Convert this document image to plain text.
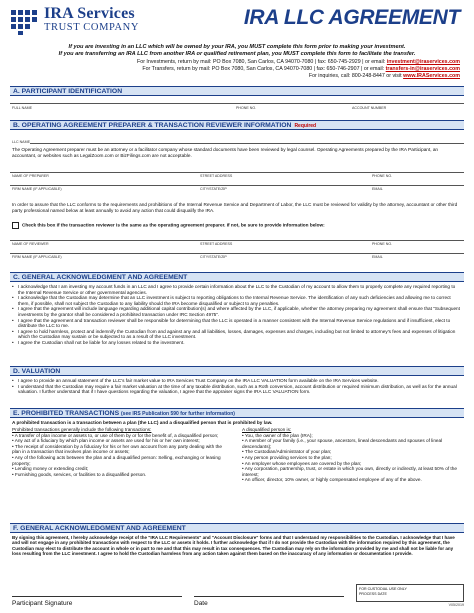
IRA Services
TRUST COMPANY	IRA LLC AGREEMENT
If you are investing in an LLC which will be owned by your IRA, you MUST complete this form prior to making your investment.
If you are transferring an IRA LLC from another IRA or qualified retirement plan, you MUST complete this form to facilitate the transfer.
For Investments, return by mail: PO Box 7080, San Carlos, CA 94070-7080 | fax: 650-745-2929 | or email: investment@iraservices.com
For Transfers, return by mail: PO Box 7080, San Carlos, CA 94070-7080 | fax: 650-746-2907 | or email: transfers-in@iraservices.com
For inquiries, call: 800-248-8447 or visit www.IRAServices.com
A. PARTICIPANT IDENTIFICATION
FULL NAME	PHONE NO.	ACCOUNT NUMBER
B. OPERATING AGREEMENT PREPARER & TRANSACTION REVIEWER INFORMATION Required
LLC NAME
The Operating Agreement preparer must be an attorney or a facilitator company whose standard documents have been reviewed by legal counsel. Operating Agreements prepared by the IRA Participant, an accountant, or websites such as LegalZoom.com or BizFilings.com are not acceptable.
NAME OF PREPARER	STREET ADDRESS	PHONE NO.
FIRM NAME (IF APPLICABLE)	CITY/STATE/ZIP	EMAIL
In order to assure that the LLC conforms to the requirements and prohibitions of the Internal Revenue Service and Department of Labor, the LLC must be reviewed for validity by the attorney, accountant or other third party professional named below at least annually to avoid any action that could disqualify the IRA.
Check this box if the transaction reviewer is the same as the operating agreement preparer. If not, be sure to provide information below:
NAME OF REVIEWER	STREET ADDRESS	PHONE NO.
FIRM NAME (IF APPLICABLE)	CITY/STATE/ZIP	EMAIL
C. GENERAL ACKNOWLEDGMENT AND AGREEMENT
• I acknowledge that I am investing my account funds in an LLC and I agree to provide certain information about the LLC to the Custodian of my account to allow them to properly complete any required reporting to the Internal Revenue Service or other governmental agencies.
• I acknowledge that the Custodian may determine that an LLC investment is subject to reporting obligations to the Internal Revenue Service. The identification of any such deficiencies and allowing me to correct them, if possible, shall not subject the Custodian to any liability should the IRA become disqualified or subject to any penalties.
• I agree that the agreement will include language regarding additional capital contribution(s) and where affected by the LLC, if applicable, whether the attorney preparing my agreement shall ensure that "Subsequent investments by the grantor shall be considered a prohibited transaction under IRC Section 4975".
• I agree that the agreement and transaction reviewer shall be responsible for determining that the LLC is operated in a manner consistent with the Internal Revenue Service regulations and if insufficient, elect to distribute the LLC to me.
• I agree to hold harmless, protect and indemnify the Custodian from and against any and all liabilities, losses, damages, expenses and charges, including but not limited to attorney's fees and expenses of litigation which the Custodian may sustain or be subjected to as a result of the LLC investment.
• I agree the Custodian shall not be liable for any losses related to the investment.
D. VALUATION
• I agree to provide an annual statement of the LLC's fair market value to IRA Services Trust Company on the IRA LLC VALUATION form available on the IRA Services website.
• I understand that the Custodian may require a fair market valuation at the time of any taxable distribution, such as a Roth conversion, account distribution or required minimum distribution, as well as for the annual valuation. I further understand that if I have questions regarding the valuation, I agree that the appraiser signs the IRA LLC VALUATION form.
E. PROHIBITED TRANSACTIONS (see IRS Publication 590 for further information)
A prohibited transaction is a transaction between a plan (the LLC) and a disqualified person that is prohibited by law.
Prohibited transactions generally include the following transactions:
• A transfer of plan income or assets to, or use of them by or for the benefit of, a disqualified person;
• Any act of a fiduciary by which plan income or assets are used for his or her own interest;
• The receipt of consideration by a fiduciary for his or her own account from any party dealing with the plan in a transaction that involves plan income or assets;
• Any of the following acts between the plan and a disqualified person: Selling, exchanging or leasing property;
• Lending money or extending credit;
• Furnishing goods, services, or facilities to a disqualified person.
A disqualified person is:
• You, the owner of the plan (IRA);
• A member of your family (i.e., your spouse, ancestors, lineal descendants and spouses of lineal descendants);
• The Custodian/Administrator of your plan;
• Any person providing services to the plan;
• An employer whose employees are covered by the plan;
• Any corporation, partnership, trust, or estate in which you own, directly or indirectly, at least 50% of the interest;
• An officer, director, 10% owner, or highly compensated employee of any of the above.
F. GENERAL ACKNOWLEDGMENT AND AGREEMENT
By signing this agreement, I hereby acknowledge receipt of the "IRA LLC Requirements" and "Account Disclosure" forms and that I understand my responsibilities to the Custodian. I acknowledge that I have and will not engage in any prohibited transactions with respect to the LLC or assets it holds. I further acknowledge that if I do not provide the Custodian with the information required by this agreement, the Custodian may elect to distribute the account in whole or in part to me and that this may result in tax consequences. The Custodian may rely on the information provided by me and shall not be liable for any loss resulting from the LLC investment. I agree to hold the Custodian harmless from any action taken against them based on the inaccuracy of any information or documentation I provide.
Participant Signature	Date
FOR CUSTODIAL USE ONLY
PROCESS DATE
V05/2019
